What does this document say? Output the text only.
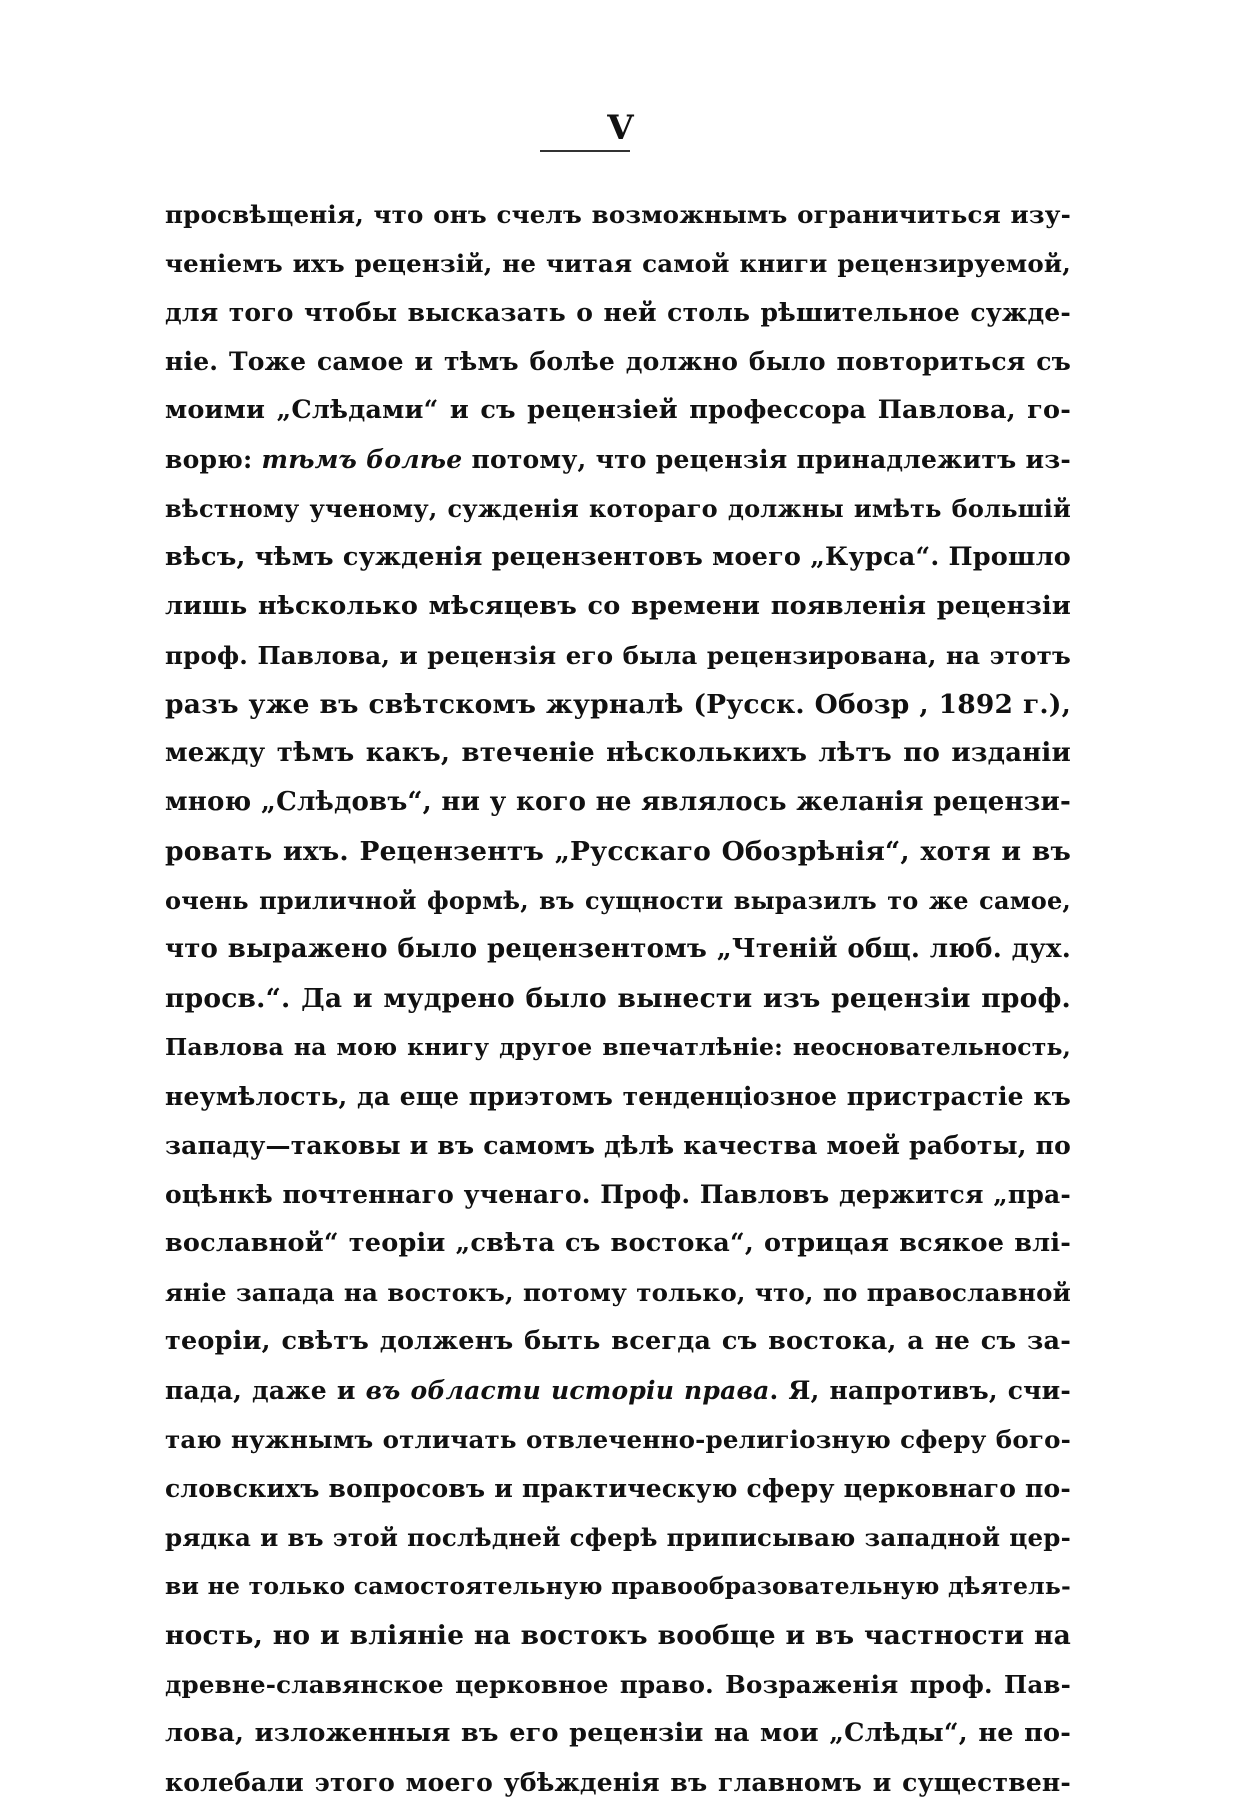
V
просвѣщенія, что онъ счелъ возможнымъ ограничиться изу-
ченіемъ ихъ рецензій, не читая самой книги рецензируемой,
для того чтобы высказать о ней столь рѣшительное сужде-
ніе. Тоже самое и тѣмъ болѣе должно было повториться съ
моими „Слѣдами“ и съ рецензіей профессора Павлова, го-
ворю: тѣмъ болѣе потому, что рецензія принадлежитъ из-
вѣстному ученому, сужденія котораго должны имѣть большій
вѣсъ, чѣмъ сужденія рецензентовъ моего „Курса“. Прошло
лишь нѣсколько мѣсяцевъ со времени появленія рецензіи
проф. Павлова, и рецензія его была рецензирована, на этотъ
разъ уже въ свѣтскомъ журналѣ (Русск. Обозр , 1892 г.),
между тѣмъ какъ, втеченіе нѣсколькихъ лѣтъ по изданіи
мною „Слѣдовъ“, ни у кого не являлось желанія рецензи-
ровать ихъ. Рецензентъ „Русскаго Обозрѣнія“, хотя и въ
очень приличной формѣ, въ сущности выразилъ то же самое,
что выражено было рецензентомъ „Чтеній общ. люб. дух.
просв.“. Да и мудрено было вынести изъ рецензіи проф.
Павлова на мою книгу другое впечатлѣніе: неосновательность,
неумѣлость, да еще приэтомъ тенденціозное пристрастіе къ
западу—таковы и въ самомъ дѣлѣ качества моей работы, по
оцѣнкѣ почтеннаго ученаго. Проф. Павловъ держится „пра-
вославной“ теоріи „свѣта съ востока“, отрицая всякое влі-
яніе запада на востокъ, потому только, что, по православной
теоріи, свѣтъ долженъ быть всегда съ востока, а не съ за-
пада, даже и въ области исторіи права. Я, напротивъ, счи-
таю нужнымъ отличать отвлеченно-религіозную сферу бого-
словскихъ вопросовъ и практическую сферу церковнаго по-
рядка и въ этой послѣдней сферѣ приписываю западной цер-
ви не только самостоятельную правообразовательную дѣятель-
ность, но и вліяніе на востокъ вообще и въ частности на
древне-славянское церковное право. Возраженія проф. Пав-
лова, изложенныя въ его рецензіи на мои „Слѣды“, не по-
колебали этого моего убѣжденія въ главномъ и существен-
